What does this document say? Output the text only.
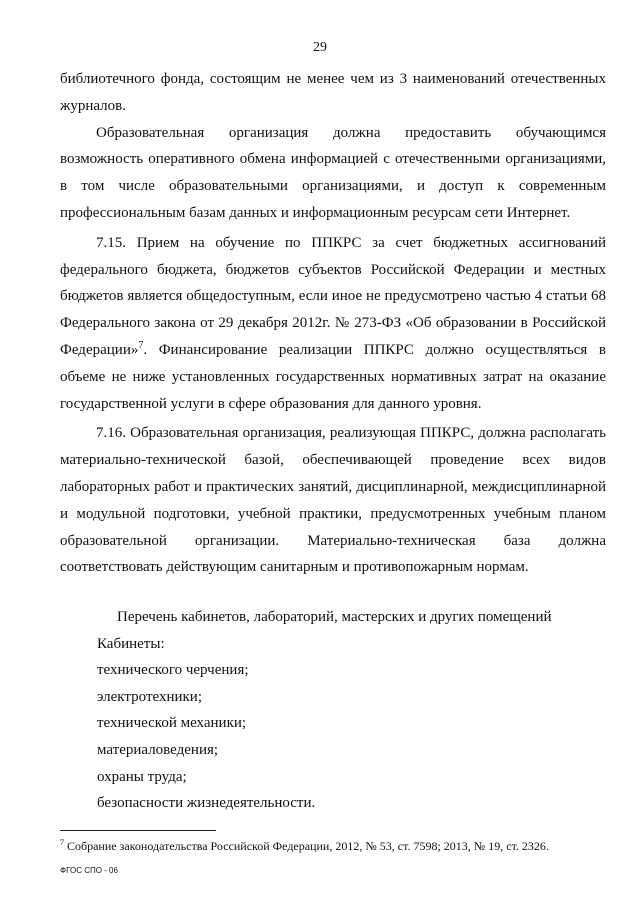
29

библиотечного фонда, состоящим не менее чем из 3 наименований отечественных журналов.

Образовательная организация должна предоставить обучающимся возможность оперативного обмена информацией с отечественными организациями, в том числе образовательными организациями, и доступ к современным профессиональным базам данных и информационным ресурсам сети Интернет.

7.15. Прием на обучение по ППКРС за счет бюджетных ассигнований федерального бюджета, бюджетов субъектов Российской Федерации и местных бюджетов является общедоступным, если иное не предусмотрено частью 4 статьи 68 Федерального закона от 29 декабря 2012г. № 273-ФЗ «Об образовании в Российской Федерации»$^7$. Финансирование реализации ППКРС должно осуществляться в объеме не ниже установленных государственных нормативных затрат на оказание государственной услуги в сфере образования для данного уровня.

7.16. Образовательная организация, реализующая ППКРС, должна располагать материально-технической базой, обеспечивающей проведение всех видов лабораторных работ и практических занятий, дисциплинарной, междисциплинарной и модульной подготовки, учебной практики, предусмотренных учебным планом образовательной организации. Материально-техническая база должна соответствовать действующим санитарным и противопожарным нормам.

Перечень кабинетов, лабораторий, мастерских и других помещений
Кабинеты:
технического черчения;
электротехники;
технической механики;
материаловедения;
охраны труда;
безопасности жизнедеятельности.
$^7$ Собрание законодательства Российской Федерации, 2012, № 53, ст. 7598; 2013, № 19, ст. 2326.
ФГОС СПО - 06
